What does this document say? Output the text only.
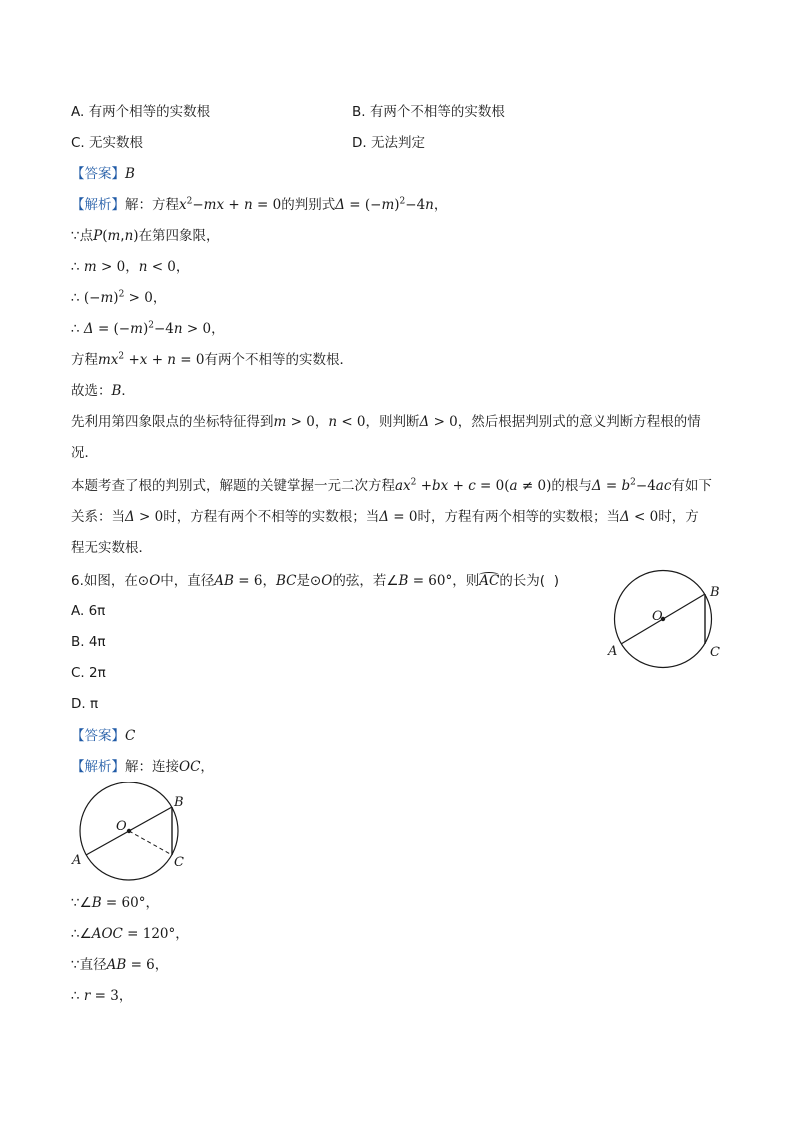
A. 有两个相等的实数根	B. 有两个不相等的实数根
C. 无实数根	D. 无法判定
【答案】B
【解析】解：方程$x^2-mx + n = 0$的判别式$\Delta = (-m)^2-4n$，
∵点P(m,n)在第四象限，
∴ m > 0，n < 0，
∴ $(-m)^2 > 0$，
∴ $\Delta = (-m)^2-4n > 0$，
方程$mx^2 +x + n = 0$有两个不相等的实数根．
故选：B．
先利用第四象限点的坐标特征得到m > 0，n < 0，则判断Δ > 0，然后根据判别式的意义判断方程根的情
况．
本题考查了根的判别式，解题的关键掌握一元二次方程$ax^2 +bx + c = 0(a \ne 0)$的根与$\Delta = b^2-4ac$有如下
关系：当Δ > 0时，方程有两个不相等的实数根；当Δ = 0时，方程有两个相等的实数根；当Δ < 0时，方
程无实数根．
6.如图，在⊙O中，直径AB = 6，BC是⊙O的弦，若∠B = 60°，则AC的长为( )
A. 6π
B. 4π
C. 2π
D. π
O
A
B
C
【答案】C
【解析】解：连接OC，
O
A
B
C
∵∠B = 60°，
∴∠AOC = 120°，
∵直径AB = 6，
∴ r = 3，
